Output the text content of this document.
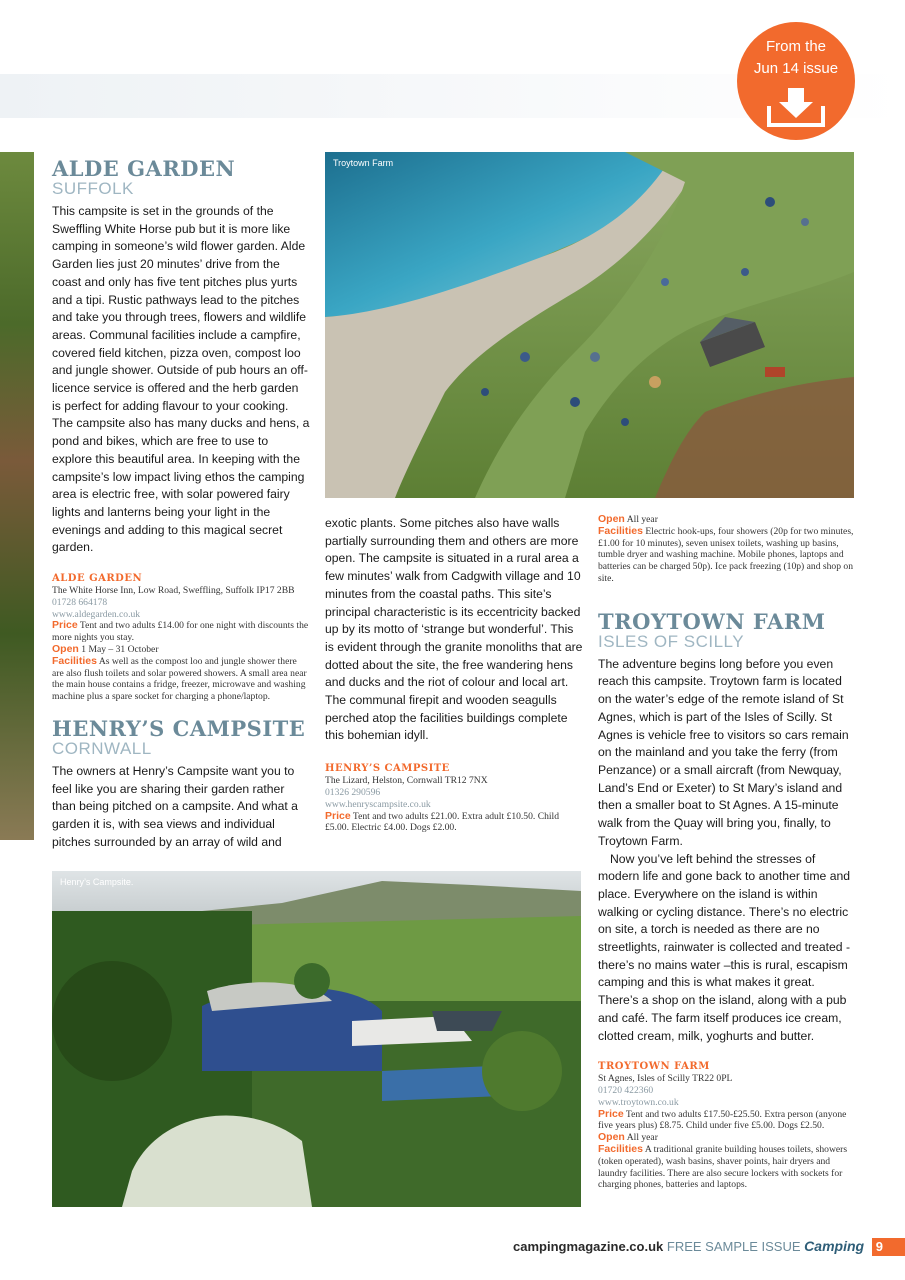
From the
Jun 14 issue
ALDE GARDEN
SUFFOLK

This campsite is set in the grounds of the Sweffling White Horse pub but it is more like camping in someone’s wild flower garden. Alde Garden lies just 20 minutes’ drive from the coast and only has five tent pitches plus yurts and a tipi. Rustic pathways lead to the pitches and take you through trees, flowers and wildlife areas. Communal facilities include a campfire, covered field kitchen, pizza oven, compost loo and jungle shower. Outside of pub hours an off-licence service is offered and the herb garden is perfect for adding flavour to your cooking. The campsite also has many ducks and hens, a pond and bikes, which are free to use to explore this beautiful area. In keeping with the campsite’s low impact living ethos the camping area is electric free, with solar powered fairy lights and lanterns being your light in the evenings and adding to this magical secret garden.

ALDE GARDEN

The White Horse Inn, Low Road, Sweffling, Suffolk IP17 2BB

01728 664178

www.aldegarden.co.uk

Price Tent and two adults £14.00 for one night with discounts the more nights you stay.

Open 1 May – 31 October

Facilities As well as the compost loo and jungle shower there are also flush toilets and solar powered showers. A small area near the main house contains a fridge, freezer, microwave and washing machine plus a spare socket for charging a phone/laptop.

HENRY’S CAMPSITE
CORNWALL

The owners at Henry’s Campsite want you to feel like you are sharing their garden rather than being pitched on a campsite. And what a garden it is, with sea views and individual pitches surrounded by an array of wild and

Troytown Farm

exotic plants. Some pitches also have walls partially surrounding them and others are more open. The campsite is situated in a rural area a few minutes’ walk from Cadgwith village and 10 minutes from the coastal paths. This site’s principal characteristic is its eccentricity backed up by its motto of ‘strange but wonderful’. This is evident through the granite monoliths that are dotted about the site, the free wandering hens and ducks and the riot of colour and local art. The communal firepit and wooden seagulls perched atop the facilities buildings complete this bohemian idyll.

HENRY’S CAMPSITE

The Lizard, Helston, Cornwall TR12 7NX

01326 290596

www.henryscampsite.co.uk

Price Tent and two adults £21.00. Extra adult £10.50. Child £5.00. Electric £4.00. Dogs £2.00.

Open All year

Facilities Electric hook-ups, four showers (20p for two minutes, £1.00 for 10 minutes), seven unisex toilets, washing up basins, tumble dryer and washing machine. Mobile phones, laptops and batteries can be charged 50p). Ice pack freezing (10p) and shop on site.

TROYTOWN FARM
ISLES OF SCILLY

The adventure begins long before you even reach this campsite. Troytown farm is located on the water’s edge of the remote island of St Agnes, which is part of the Isles of Scilly. St Agnes is vehicle free to visitors so cars remain on the mainland and you take the ferry (from Penzance) or a small aircraft (from Newquay, Land’s End or Exeter) to St Mary’s island and then a smaller boat to St Agnes. A 15-minute walk from the Quay will bring you, finally, to Troytown Farm.

Now you’ve left behind the stresses of modern life and gone back to another time and place. Everywhere on the island is within walking or cycling distance. There’s no electric on site, a torch is needed as there are no streetlights, rainwater is collected and treated - there’s no mains water –this is rural, escapism camping and this is what makes it great. There’s a shop on the island, along with a pub and café. The farm itself produces ice cream, clotted cream, milk, yoghurts and butter.

TROYTOWN FARM

St Agnes, Isles of Scilly TR22 0PL

01720 422360

www.troytown.co.uk

Price Tent and two adults £17.50-£25.50. Extra person (anyone five years plus) £8.75. Child under five £5.00. Dogs £2.50.

Open All year

Facilities A traditional granite building houses toilets, showers (token operated), wash basins, shaver points, hair dryers and laundry facilities. There are also secure lockers with sockets for charging phones, batteries and laptops.

Henry’s Campsite.
campingmagazine.co.uk FREE SAMPLE ISSUE Camping 9
